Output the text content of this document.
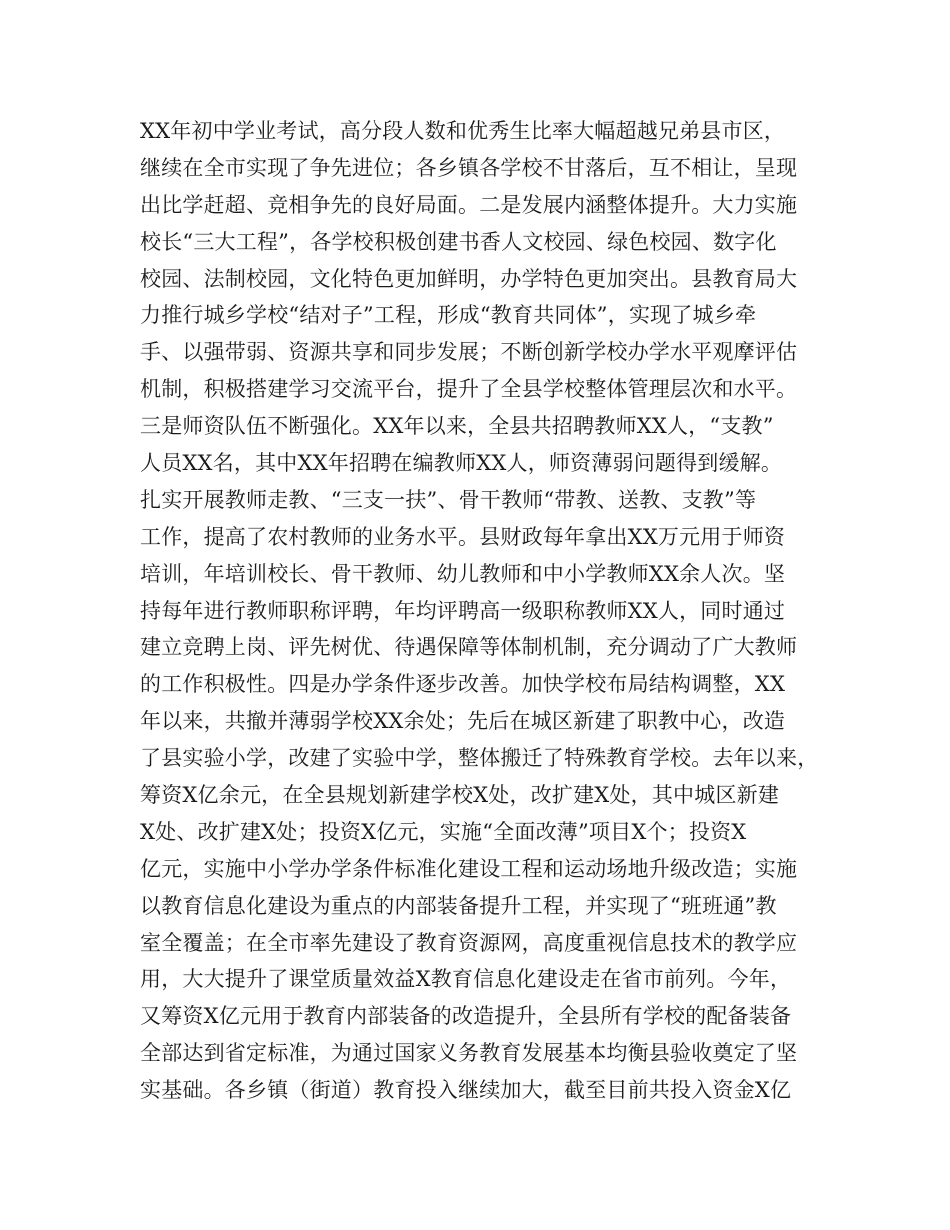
XX年初中学业考试，高分段人数和优秀生比率大幅超越兄弟县市区，
继续在全市实现了争先进位；各乡镇各学校不甘落后，互不相让，呈现
出比学赶超、竞相争先的良好局面。二是发展内涵整体提升。大力实施
校长“三大工程”，各学校积极创建书香人文校园、绿色校园、数字化
校园、法制校园，文化特色更加鲜明，办学特色更加突出。县教育局大
力推行城乡学校“结对子”工程，形成“教育共同体”，实现了城乡牵
手、以强带弱、资源共享和同步发展；不断创新学校办学水平观摩评估
机制，积极搭建学习交流平台，提升了全县学校整体管理层次和水平。
三是师资队伍不断强化。XX年以来，全县共招聘教师XX人，“支教”
人员XX名，其中XX年招聘在编教师XX人，师资薄弱问题得到缓解。
扎实开展教师走教、“三支一扶”、骨干教师“带教、送教、支教”等
工作，提高了农村教师的业务水平。县财政每年拿出XX万元用于师资
培训，年培训校长、骨干教师、幼儿教师和中小学教师XX余人次。坚
持每年进行教师职称评聘，年均评聘高一级职称教师XX人，同时通过
建立竞聘上岗、评先树优、待遇保障等体制机制，充分调动了广大教师
的工作积极性。四是办学条件逐步改善。加快学校布局结构调整，XX
年以来，共撤并薄弱学校XX余处；先后在城区新建了职教中心，改造
了县实验小学，改建了实验中学，整体搬迁了特殊教育学校。去年以来，
筹资X亿余元，在全县规划新建学校X处，改扩建X处，其中城区新建
X处、改扩建X处；投资X亿元，实施“全面改薄”项目X个；投资X
亿元，实施中小学办学条件标准化建设工程和运动场地升级改造；实施
以教育信息化建设为重点的内部装备提升工程，并实现了“班班通”教
室全覆盖；在全市率先建设了教育资源网，高度重视信息技术的教学应
用，大大提升了课堂质量效益X教育信息化建设走在省市前列。今年，
又筹资X亿元用于教育内部装备的改造提升，全县所有学校的配备装备
全部达到省定标准，为通过国家义务教育发展基本均衡县验收奠定了坚
实基础。各乡镇（街道）教育投入继续加大，截至目前共投入资金X亿
